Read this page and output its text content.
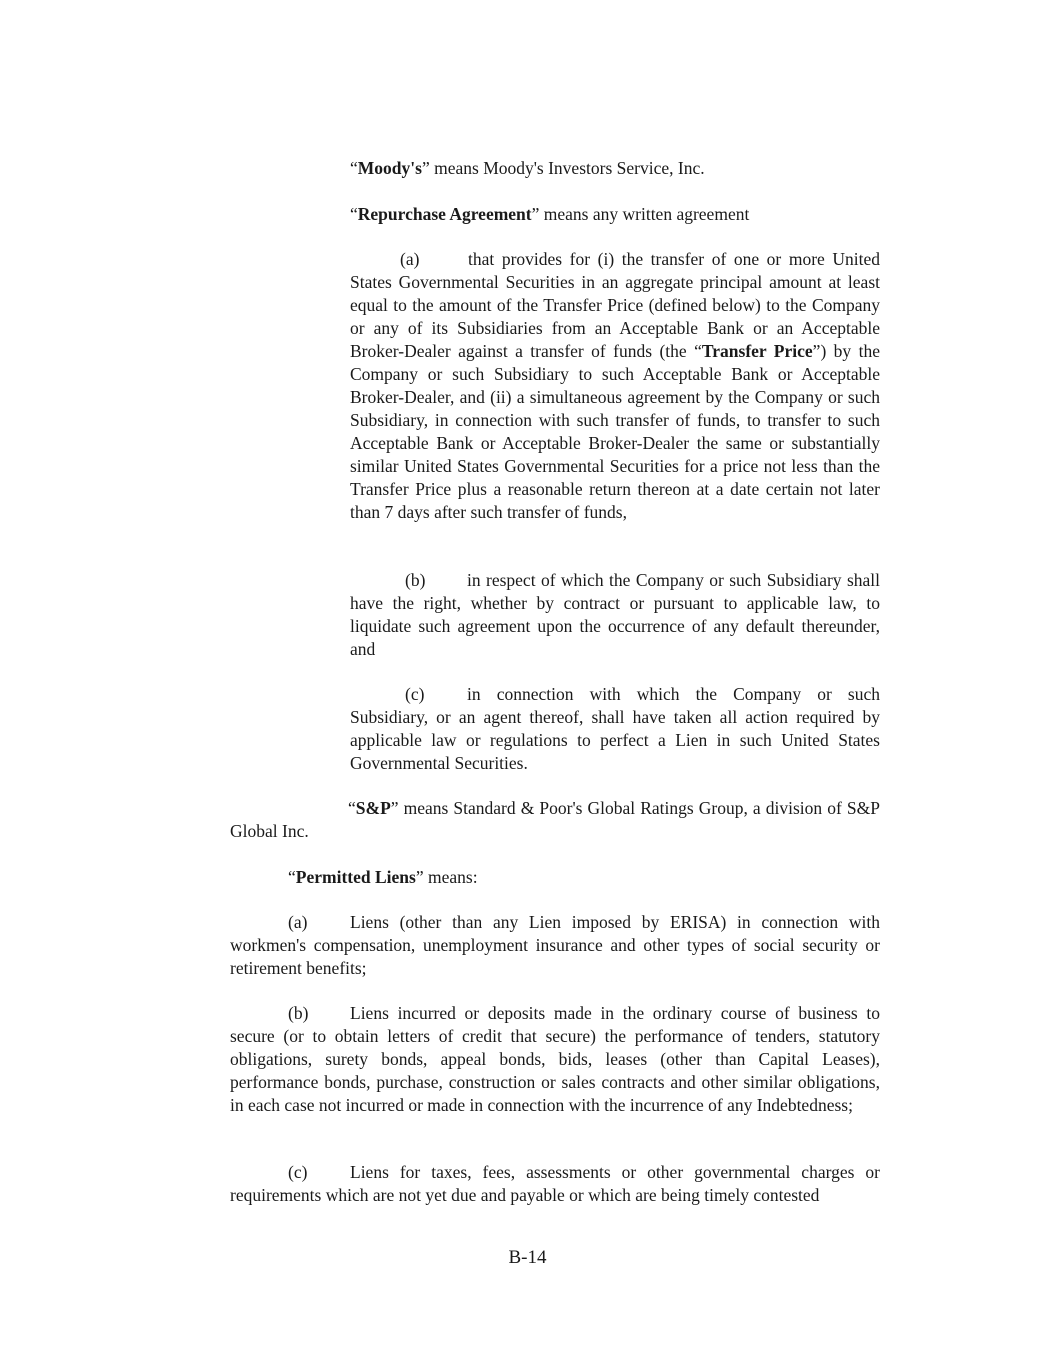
“Moody's” means Moody's Investors Service, Inc.

“Repurchase Agreement” means any written agreement

(a)	that provides for (i) the transfer of one or more United States Governmental Securities in an aggregate principal amount at least equal to the amount of the Transfer Price (defined below) to the Company or any of its Subsidiaries from an Acceptable Bank or an Acceptable Broker-Dealer against a transfer of funds (the “Transfer Price”) by the Company or such Subsidiary to such Acceptable Bank or Acceptable Broker-Dealer, and (ii) a simultaneous agreement by the Company or such Subsidiary, in connection with such transfer of funds, to transfer to such Acceptable Bank or Acceptable Broker-Dealer the same or substantially similar United States Governmental Securities for a price not less than the Transfer Price plus a reasonable return thereon at a date certain not later than 7 days after such transfer of funds,

(b) in respect of which the Company or such Subsidiary shall have the right, whether by contract or pursuant to applicable law, to liquidate such agreement upon the occurrence of any default thereunder, and

(c) in connection with which the Company or such Subsidiary, or an agent thereof, shall have taken all action required by applicable law or regulations to perfect a Lien in such United States Governmental Securities.

“S&P” means Standard & Poor's Global Ratings Group, a division of S&P Global Inc.

“Permitted Liens” means:

(a) Liens (other than any Lien imposed by ERISA) in connection with workmen's compensation, unemployment insurance and other types of social security or retirement benefits;

(b) Liens incurred or deposits made in the ordinary course of business to secure (or to obtain letters of credit that secure) the performance of tenders, statutory obligations, surety bonds, appeal bonds, bids, leases (other than Capital Leases), performance bonds, purchase, construction or sales contracts and other similar obligations, in each case not incurred or made in connection with the incurrence of any Indebtedness;

(c) Liens for taxes, fees, assessments or other governmental charges or requirements which are not yet due and payable or which are being timely contested

B-14
